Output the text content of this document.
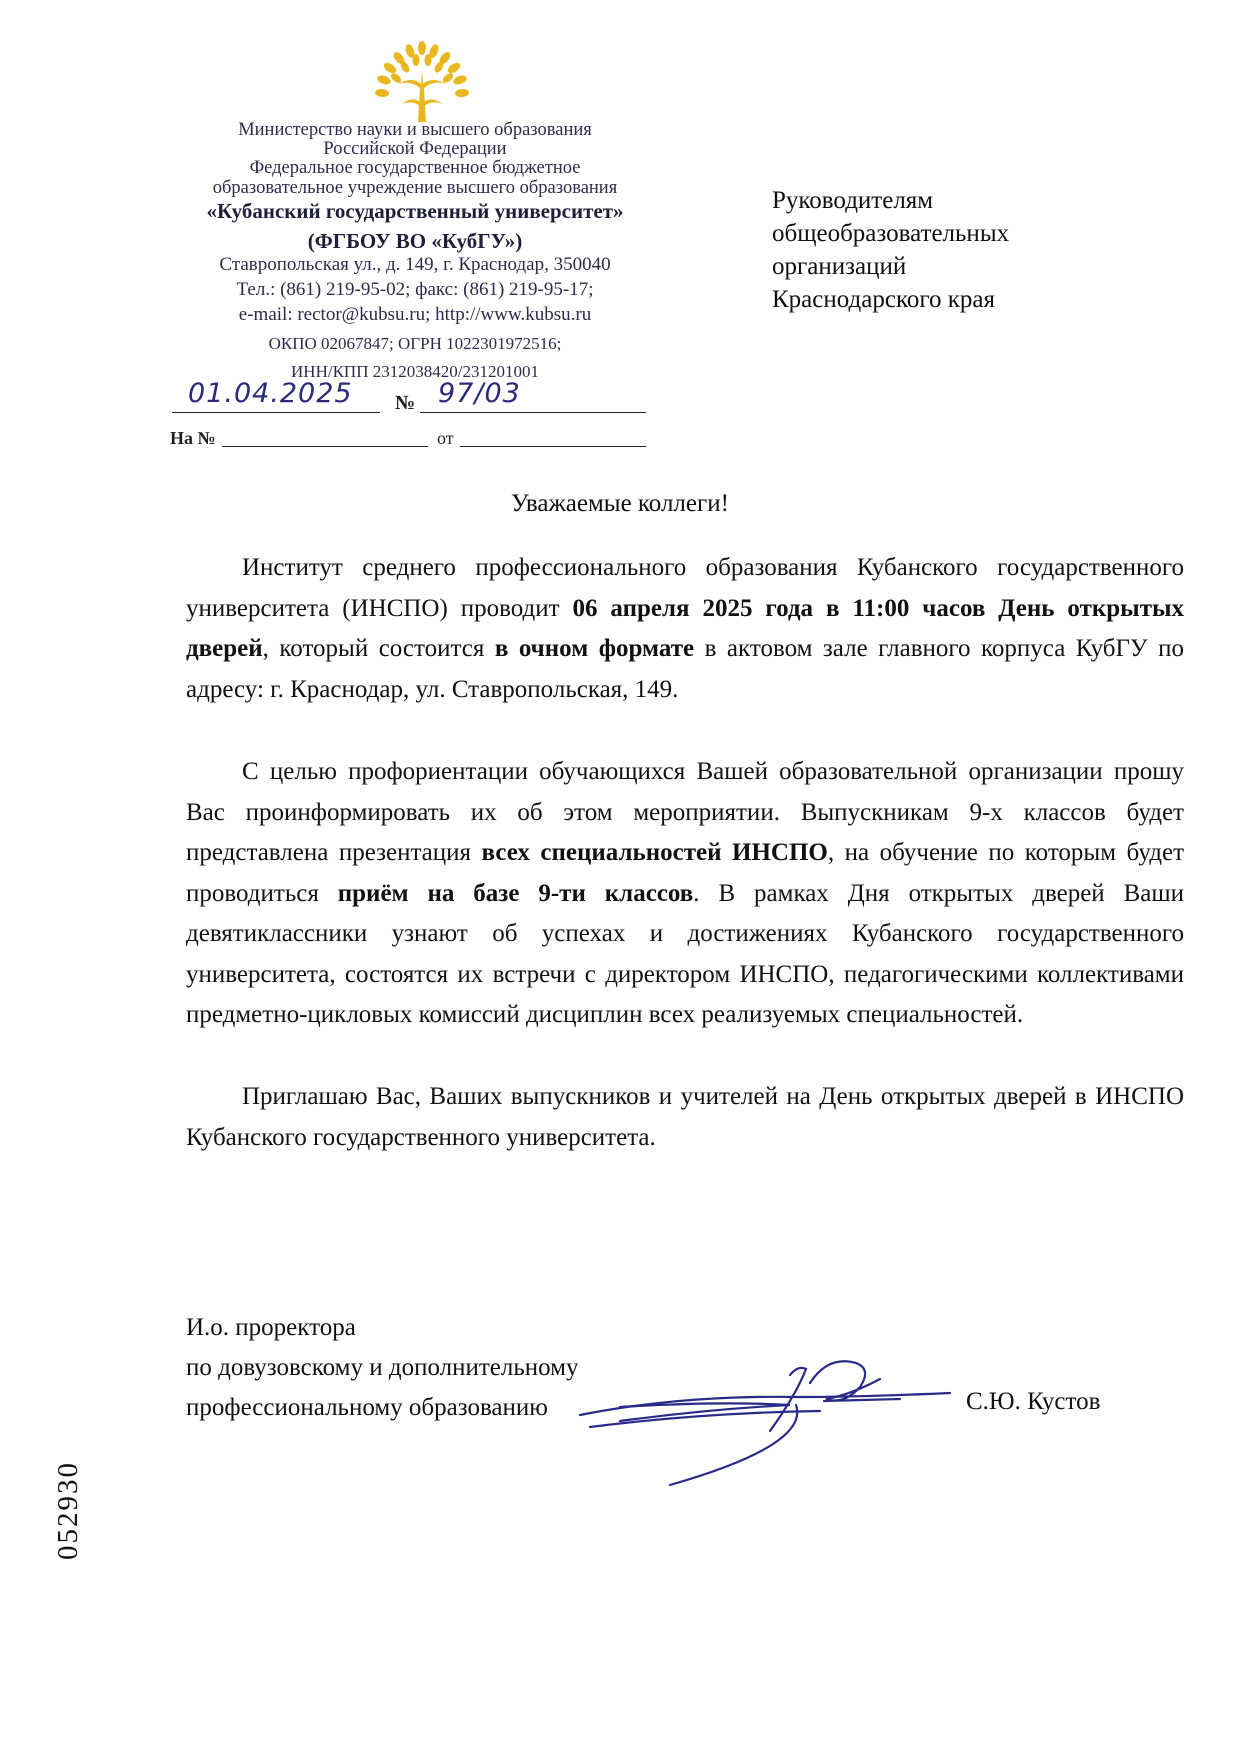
Министерство науки и высшего образования
Российской Федерации
Федеральное государственное бюджетное
образовательное учреждение высшего образования
«Кубанский государственный университет»
(ФГБОУ ВО «КубГУ»)
Ставропольская ул., д. 149, г. Краснодар, 350040
Тел.: (861) 219-95-02; факс: (861) 219-95-17;
e-mail: rector@kubsu.ru; http://www.kubsu.ru
ОКПО 02067847; ОГРН 1022301972516;
ИНН/КПП 2312038420/231201001
01.04.2025 № 97/03
На №	от
Руководителям
общеобразовательных
организаций
Краснодарского края
Уважаемые коллеги!
Институт среднего профессионального образования Кубанского государственного университета (ИНСПО) проводит 06 апреля 2025 года в 11:00 часов День открытых дверей, который состоится в очном формате в актовом зале главного корпуса КубГУ по адресу: г. Краснодар, ул. Ставропольская, 149.
С целью профориентации обучающихся Вашей образовательной организации прошу Вас проинформировать их об этом мероприятии. Выпускникам 9-х классов будет представлена презентация всех специальностей ИНСПО, на обучение по которым будет проводиться приём на базе 9-ти классов. В рамках Дня открытых дверей Ваши девятиклассники узнают об успехах и достижениях Кубанского государственного университета, состоятся их встречи с директором ИНСПО, педагогическими коллективами предметно-цикловых комиссий дисциплин всех реализуемых специальностей.
Приглашаю Вас, Ваших выпускников и учителей на День открытых дверей в ИНСПО Кубанского государственного университета.
И.о. проректора
по довузовскому и дополнительному
профессиональному образованию	С.Ю. Кустов
052930
